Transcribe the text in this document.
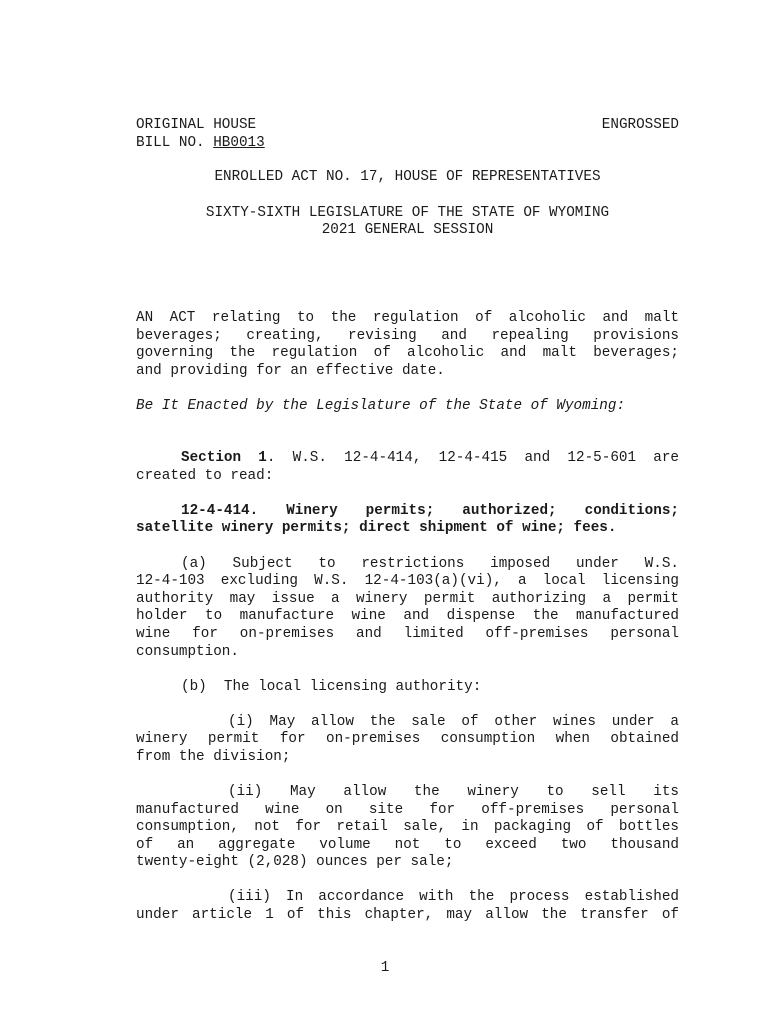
ORIGINAL HOUSE	ENGROSSED
BILL NO. HB0013
ENROLLED ACT NO. 17, HOUSE OF REPRESENTATIVES
SIXTY-SIXTH LEGISLATURE OF THE STATE OF WYOMING
2021 GENERAL SESSION
AN ACT relating to the regulation of alcoholic and malt
beverages; creating, revising and repealing provisions
governing the regulation of alcoholic and malt beverages;
and providing for an effective date.
Be It Enacted by the Legislature of the State of Wyoming:
Section 1. W.S. 12-4-414, 12-4-415 and 12-5-601 are
created to read:
12-4-414. Winery permits; authorized; conditions;
satellite winery permits; direct shipment of wine; fees.
(a) Subject to restrictions imposed under W.S.
12-4-103 excluding W.S. 12-4-103(a)(vi), a local licensing
authority may issue a winery permit authorizing a permit
holder to manufacture wine and dispense the manufactured
wine for on-premises and limited off-premises personal
consumption.
(b)  The local licensing authority:
(i) May allow the sale of other wines under a
winery permit for on-premises consumption when obtained
from the division;
(ii) May allow the winery to sell its
manufactured wine on site for off-premises personal
consumption, not for retail sale, in packaging of bottles
of an aggregate volume not to exceed two thousand
twenty-eight (2,028) ounces per sale;
(iii) In accordance with the process established
under article 1 of this chapter, may allow the transfer of
1
